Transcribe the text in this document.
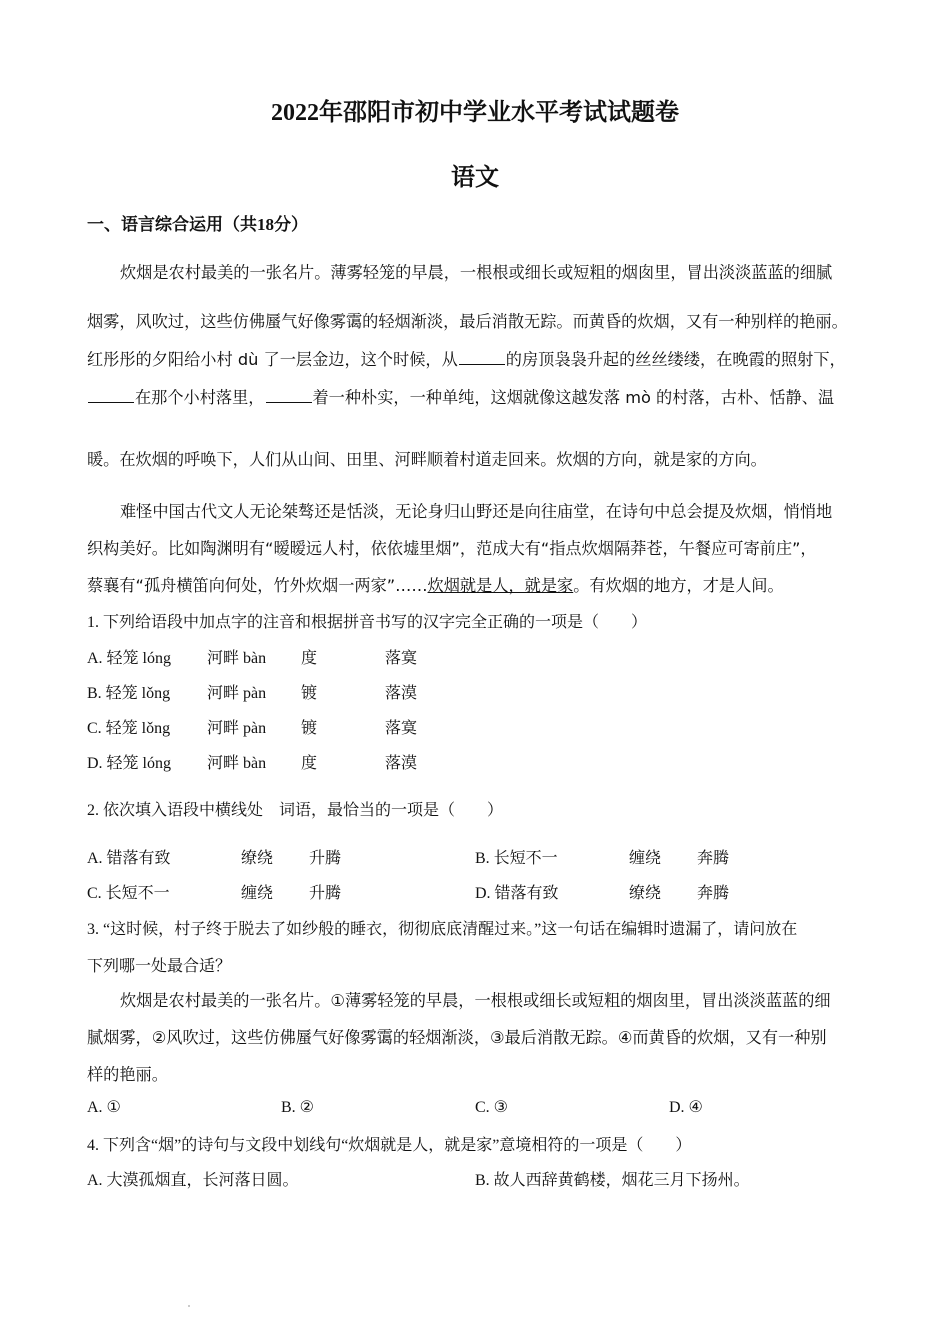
2022年邵阳市初中学业水平考试试题卷
语文
一、语言综合运用（共18分）
炊烟是农村最美的一张名片。薄雾轻笼的早晨，一根根或细长或短粗的烟囱里，冒出淡淡蓝蓝的细腻
烟雾，风吹过，这些仿佛蜃气好像雾霭的轻烟渐淡，最后消散无踪。而黄昏的炊烟，又有一种别样的艳丽。
红彤彤的夕阳给小村 dù 了一层金边，这个时候，从	的房顶袅袅升起的丝丝缕缕，在晚霞的照射下，
在那个小村落里，	着一种朴实，一种单纯，这烟就像这越发落 mò 的村落，古朴、恬静、温
暖。在炊烟的呼唤下，人们从山间、田里、河畔顺着村道走回来。炊烟的方向，就是家的方向。
难怪中国古代文人无论桀骜还是恬淡，无论身归山野还是向往庙堂，在诗句中总会提及炊烟，悄悄地
织构美好。比如陶渊明有“暧暧远人村，依依墟里烟”，范成大有“指点炊烟隔莽苍，午餐应可寄前庄”，
蔡襄有“孤舟横笛向何处，竹外炊烟一两家”……炊烟就是人，就是家。有炊烟的地方，才是人间。
1. 下列给语段中加点字的注音和根据拼音书写的汉字完全正确的一项是（　　）
A. 轻笼 lóng 河畔 bàn 度	落寞
B. 轻笼 lǒng 河畔 pàn 镀	落漠
C. 轻笼 lǒng 河畔 pàn 镀	落寞
D. 轻笼 lóng 河畔 bàn 度	落漠
2. 依次填入语段中横线处　词语，最恰当的一项是（　　）
A. 错落有致	缭绕 升腾	B. 长短不一	缠绕 奔腾
C. 长短不一	缠绕 升腾	D. 错落有致	缭绕 奔腾
3. “这时候，村子终于脱去了如纱般的睡衣，彻彻底底清醒过来。”这一句话在编辑时遗漏了，请问放在
下列哪一处最合适？
炊烟是农村最美的一张名片。①薄雾轻笼的早晨，一根根或细长或短粗的烟囱里，冒出淡淡蓝蓝的细
腻烟雾，②风吹过，这些仿佛蜃气好像雾霭的轻烟渐淡，③最后消散无踪。④而黄昏的炊烟，又有一种别
样的艳丽。
A. ①	B. ②	C. ③	D. ④
4. 下列含“烟”的诗句与文段中划线句“炊烟就是人，就是家”意境相符的一项是（　　）
A. 大漠孤烟直，长河落日圆。	B. 故人西辞黄鹤楼，烟花三月下扬州。
